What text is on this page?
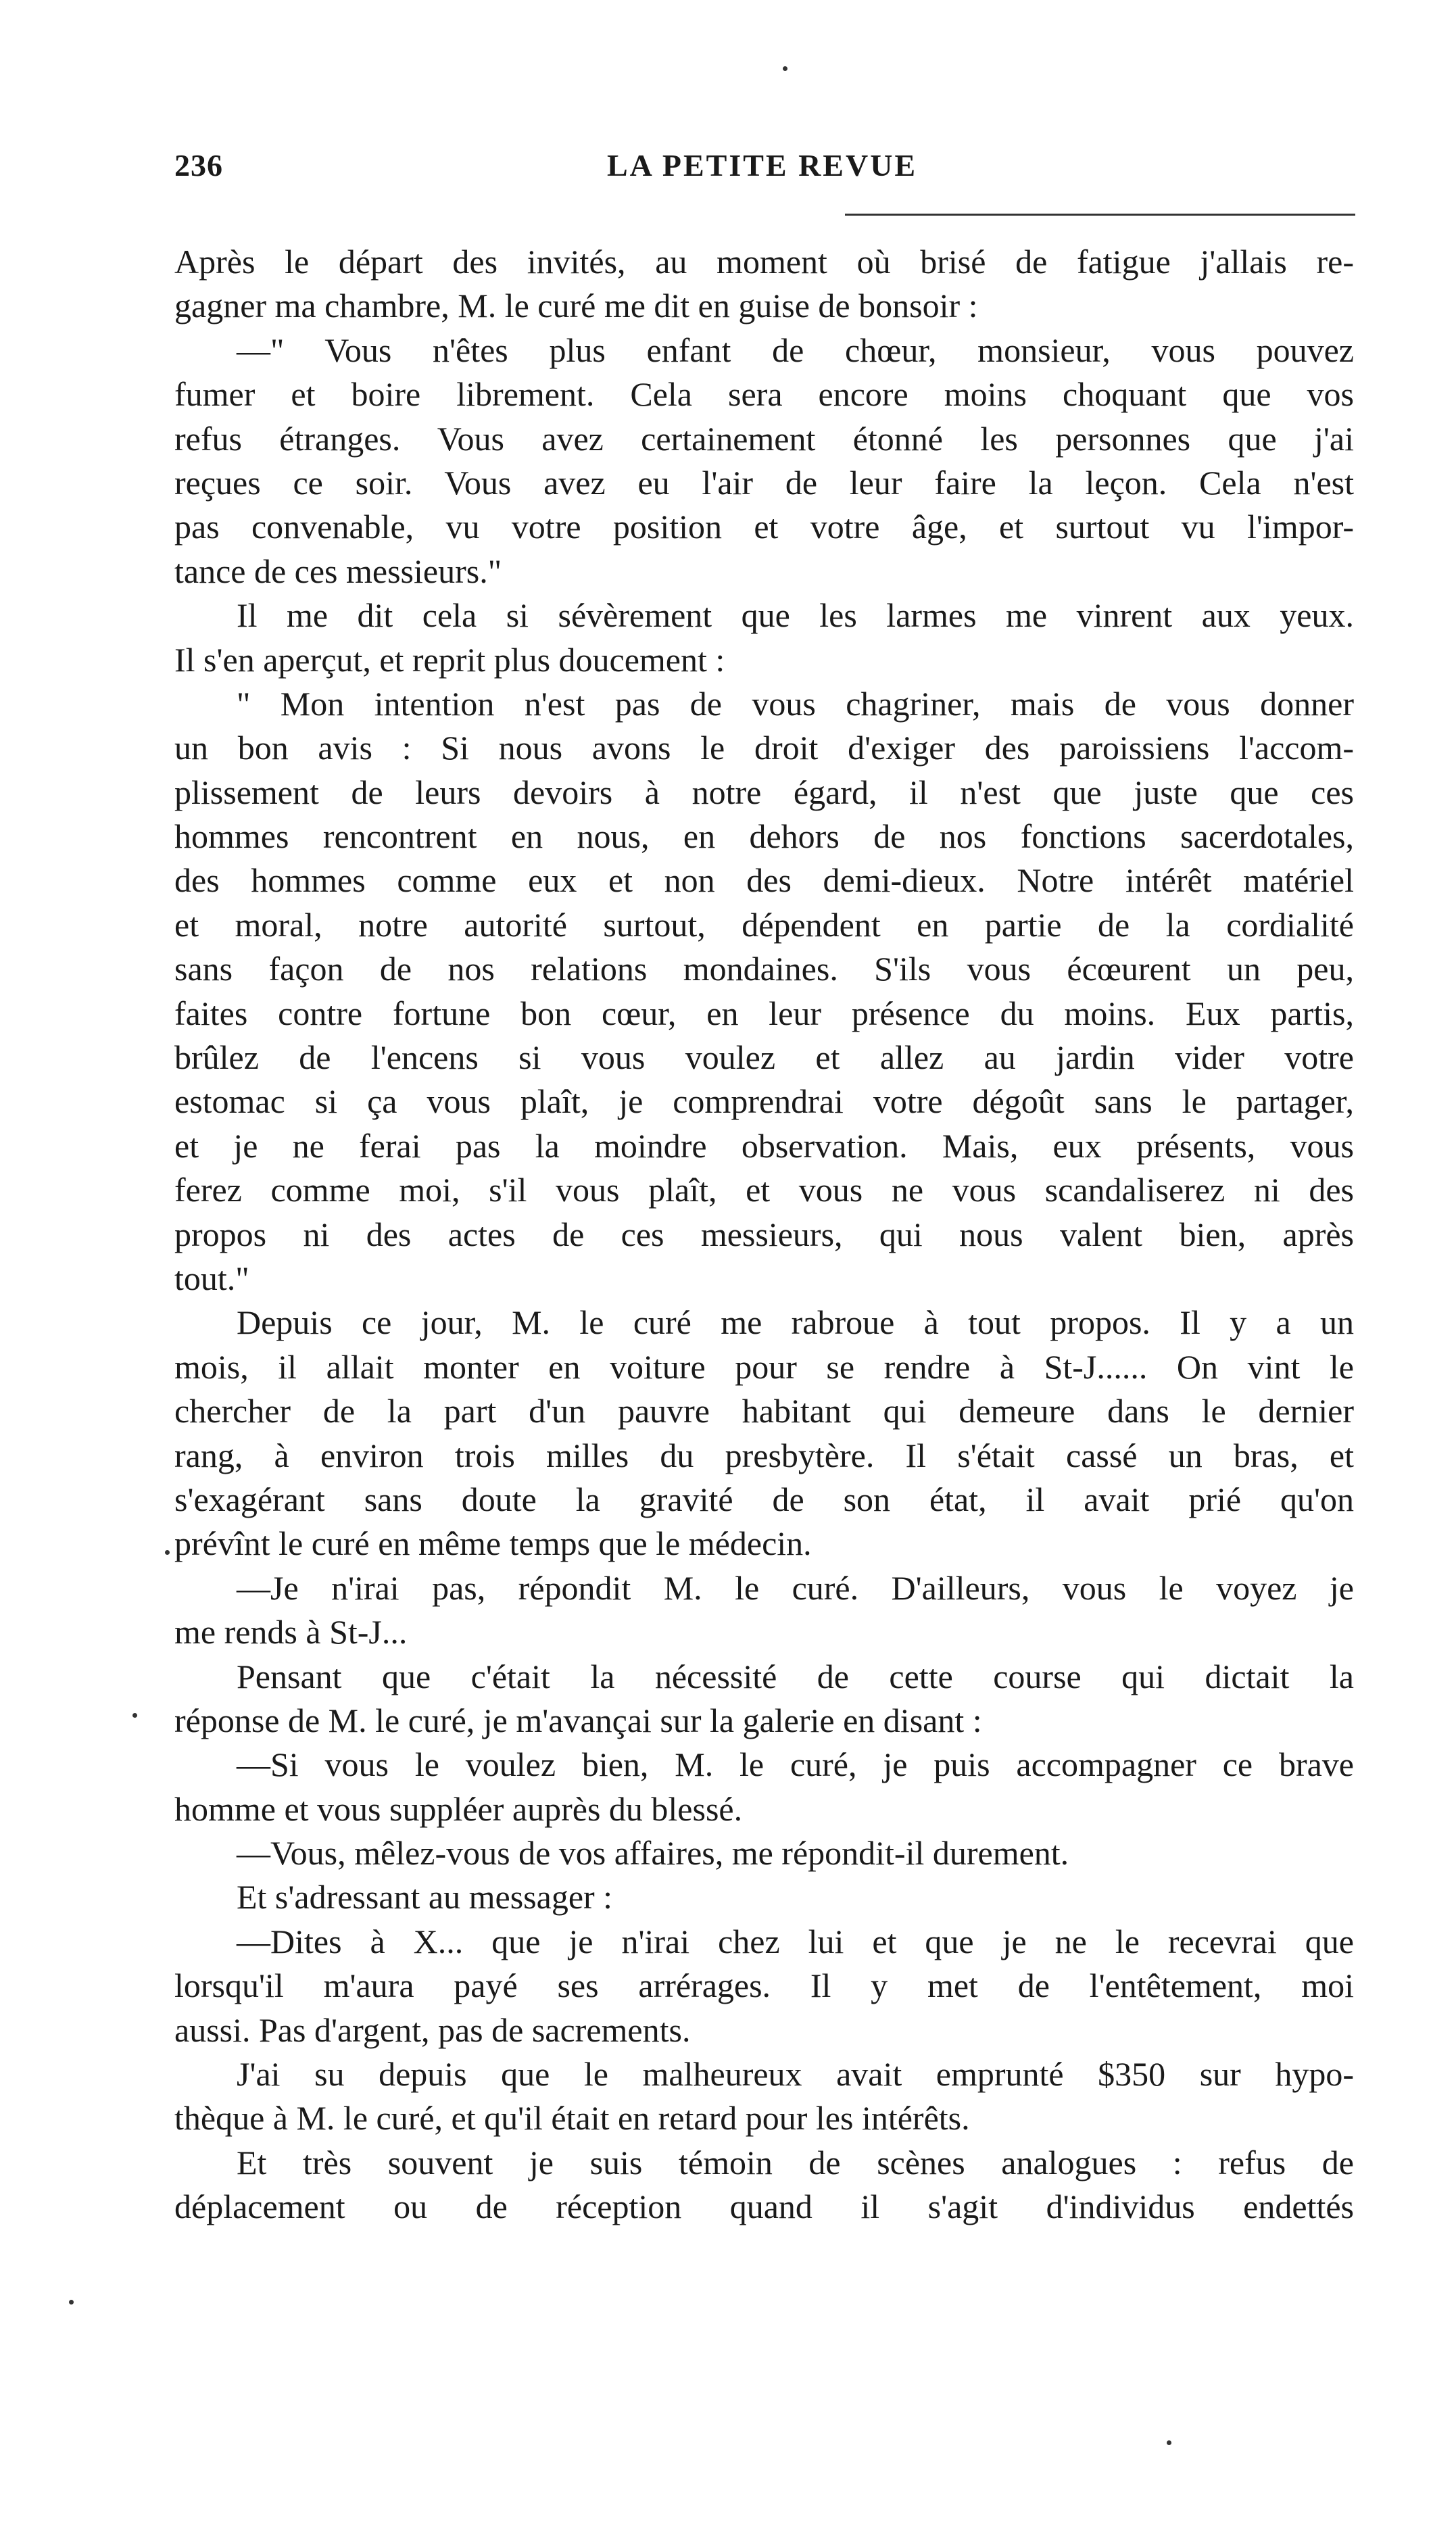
236	LA PETITE REVUE
Après le départ des invités, au moment où brisé de fatigue j'allais re-
gagner ma chambre, M. le curé me dit en guise de bonsoir :
—" Vous n'êtes plus enfant de chœur, monsieur, vous pouvez
fumer et boire librement. Cela sera encore moins choquant que vos
refus étranges. Vous avez certainement étonné les personnes que j'ai
reçues ce soir. Vous avez eu l'air de leur faire la leçon. Cela n'est
pas convenable, vu votre position et votre âge, et surtout vu l'impor-
tance de ces messieurs."
Il me dit cela si sévèrement que les larmes me vinrent aux yeux.
Il s'en aperçut, et reprit plus doucement :
" Mon intention n'est pas de vous chagriner, mais de vous donner
un bon avis : Si nous avons le droit d'exiger des paroissiens l'accom-
plissement de leurs devoirs à notre égard, il n'est que juste que ces
hommes rencontrent en nous, en dehors de nos fonctions sacerdotales,
des hommes comme eux et non des demi-dieux. Notre intérêt matériel
et moral, notre autorité surtout, dépendent en partie de la cordialité
sans façon de nos relations mondaines. S'ils vous écœurent un peu,
faites contre fortune bon cœur, en leur présence du moins. Eux partis,
brûlez de l'encens si vous voulez et allez au jardin vider votre
estomac si ça vous plaît, je comprendrai votre dégoût sans le partager,
et je ne ferai pas la moindre observation. Mais, eux présents, vous
ferez comme moi, s'il vous plaît, et vous ne vous scandaliserez ni des
propos ni des actes de ces messieurs, qui nous valent bien, après
tout."
Depuis ce jour, M. le curé me rabroue à tout propos. Il y a un
mois, il allait monter en voiture pour se rendre à St-J...... On vint le
chercher de la part d'un pauvre habitant qui demeure dans le dernier
rang, à environ trois milles du presbytère. Il s'était cassé un bras, et
s'exagérant sans doute la gravité de son état, il avait prié qu'on
prévînt le curé en même temps que le médecin.
—Je n'irai pas, répondit M. le curé. D'ailleurs, vous le voyez je
me rends à St-J...
Pensant que c'était la nécessité de cette course qui dictait la
réponse de M. le curé, je m'avançai sur la galerie en disant :
—Si vous le voulez bien, M. le curé, je puis accompagner ce brave
homme et vous suppléer auprès du blessé.
—Vous, mêlez-vous de vos affaires, me répondit-il durement.
Et s'adressant au messager :
—Dites à X... que je n'irai chez lui et que je ne le recevrai que
lorsqu'il m'aura payé ses arrérages. Il y met de l'entêtement, moi
aussi. Pas d'argent, pas de sacrements.
J'ai su depuis que le malheureux avait emprunté $350 sur hypo-
thèque à M. le curé, et qu'il était en retard pour les intérêts.
Et très souvent je suis témoin de scènes analogues : refus de
déplacement ou de réception quand il s'agit d'individus endettés
